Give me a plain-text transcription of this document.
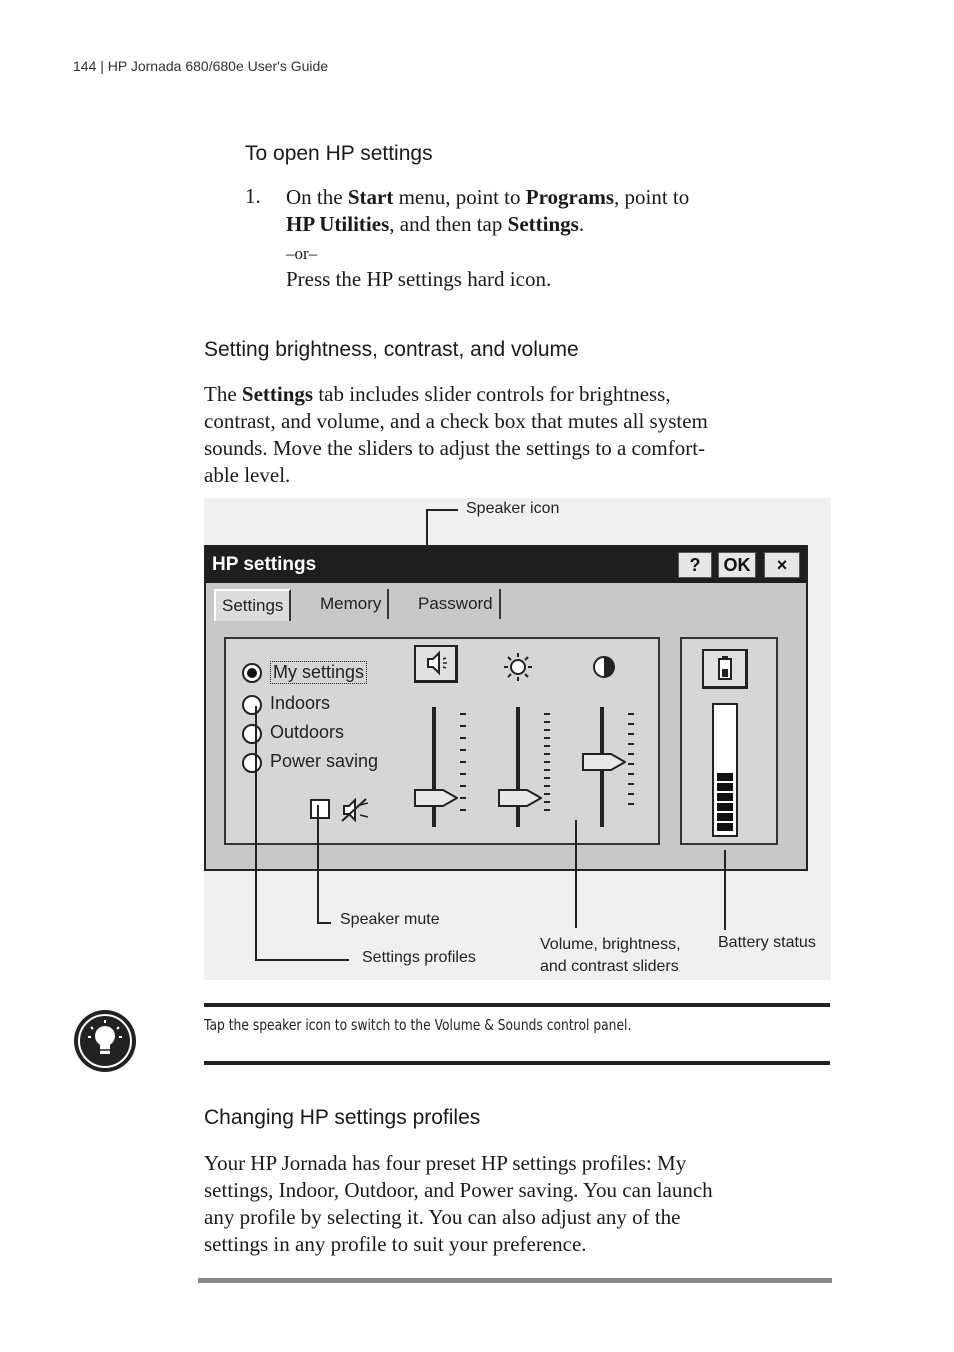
144 | HP Jornada 680/680e User's Guide
To open HP settings
1. On the Start menu, point to Programs, point to
HP Utilities, and then tap Settings.
–or–
Press the HP settings hard icon.
Setting brightness, contrast, and volume
The Settings tab includes slider controls for brightness,
contrast, and volume, and a check box that mutes all system
sounds. Move the sliders to adjust the settings to a comfort-
able level.
Speaker icon
HP settings	?	OK	×
Settings	Memory	Password
My settings
Indoors
Outdoors
Power saving
Speaker mute
Settings profiles
Volume, brightness,
and contrast sliders
Battery status
Tap the speaker icon to switch to the Volume & Sounds control panel.
Changing HP settings profiles
Your HP Jornada has four preset HP settings profiles: My
settings, Indoor, Outdoor, and Power saving. You can launch
any profile by selecting it. You can also adjust any of the
settings in any profile to suit your preference.
